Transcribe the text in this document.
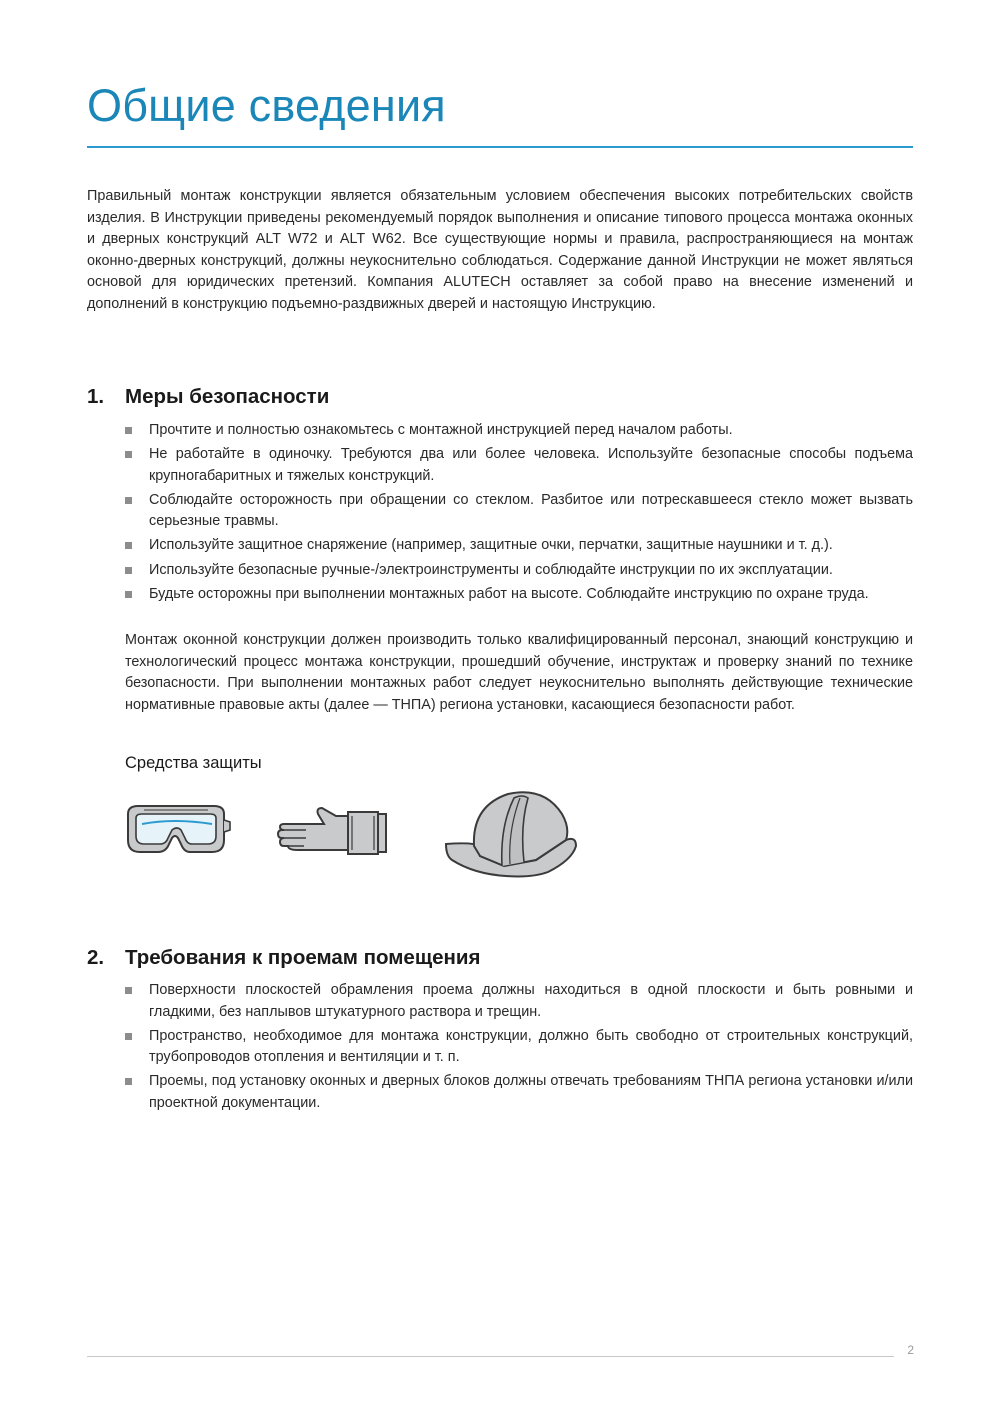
Общие сведения

Правильный монтаж конструкции является обязательным условием обеспечения высоких потребительских свойств изделия. В Инструкции приведены рекомендуемый порядок выполнения и описание типового процесса монтажа оконных и дверных конструкций ALT W72 и ALT W62. Все существующие нормы и правила, распространяющиеся на монтаж оконно-дверных конструкций, должны неукоснительно соблюдаться. Содержание данной Инструкции не может являться основой для юридических претензий. Компания ALUTECH оставляет за собой право на внесение изменений и дополнений в конструкцию подъемно-раздвижных дверей и настоящую Инструкцию.

1. Меры безопасности
Прочтите и полностью ознакомьтесь с монтажной инструкцией перед началом работы.
Не работайте в одиночку. Требуются два или более человека. Используйте безопасные способы подъема крупногабаритных и тяжелых конструкций.
Соблюдайте осторожность при обращении со стеклом. Разбитое или потрескавшееся стекло может вызвать серьезные травмы.
Используйте защитное снаряжение (например, защитные очки, перчатки, защитные наушники и т. д.).
Используйте безопасные ручные-/электроинструменты и соблюдайте инструкции по их эксплуатации.
Будьте осторожны при выполнении монтажных работ на высоте. Соблюдайте инструкцию по охране труда.

Монтаж оконной конструкции должен производить только квалифицированный персонал, знающий конструкцию и технологический процесс монтажа конструкции, прошедший обучение, инструктаж и проверку знаний по технике безопасности. При выполнении монтажных работ следует неукоснительно выполнять действующие технические нормативные правовые акты (далее — ТНПА) региона установки, касающиеся безопасности работ.

Средства защиты

2. Требования к проемам помещения
Поверхности плоскостей обрамления проема должны находиться в одной плоскости и быть ровными и гладкими, без наплывов штукатурного раствора и трещин.
Пространство, необходимое для монтажа конструкции, должно быть свободно от строительных конструкций, трубопроводов отопления и вентиляции и т. п.
Проемы, под установку оконных и дверных блоков должны отвечать требованиям ТНПА региона установки и/или проектной документации.
2
